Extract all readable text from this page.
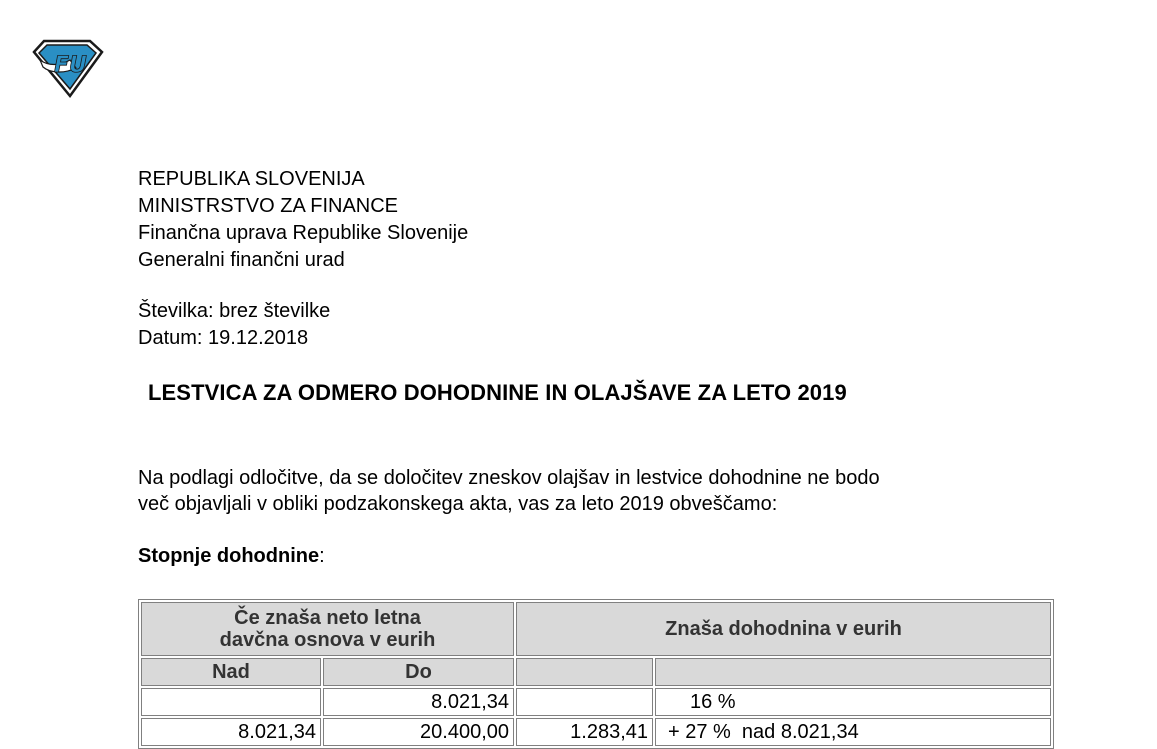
FU
REPUBLIKA SLOVENIJA
MINISTRSTVO ZA FINANCE
Finančna uprava Republike Slovenije
Generalni finančni urad
Številka: brez številke
Datum: 19.12.2018
LESTVICA ZA ODMERO DOHODNINE IN OLAJŠAVE ZA LETO 2019
Na podlagi odločitve, da se določitev zneskov olajšav in lestvice dohodnine ne bodo
več objavljali v obliki podzakonskega akta, vas za leto 2019 obveščamo:
Stopnje dohodnine:
Če znaša neto letna
davčna osnova v eurih		Znaša dohodnina v eurih	
Nad	Do		
	8.021,34		16 %
8.021,34	20.400,00	1.283,41	+ 27 %  nad 8.021,34
